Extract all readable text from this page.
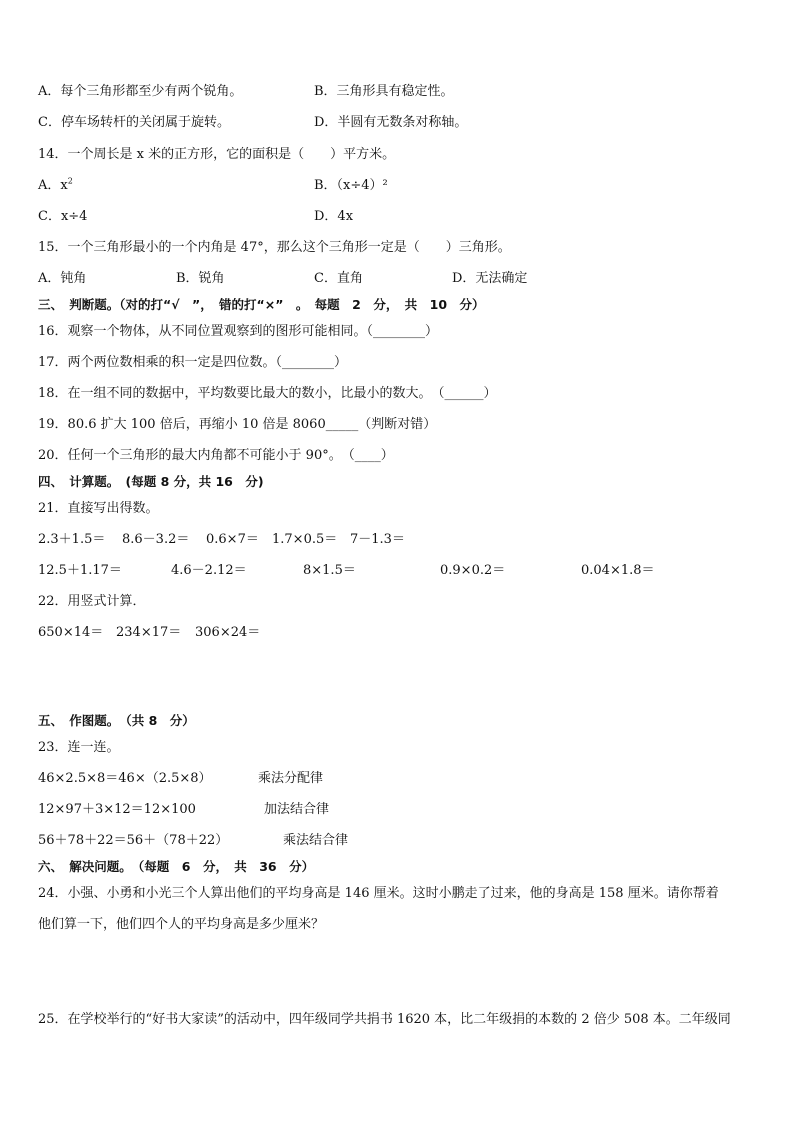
A．每个三角形都至少有两个锐角。	B．三角形具有稳定性。
C．停车场转杆的关闭属于旋转。	D．半圆有无数条对称轴。
14．一个周长是 x 米的正方形，它的面积是（　　）平方米。
A．$x^2$	B．（x÷4）²
C．x÷4	D．4x
15．一个三角形最小的一个内角是 47°，那么这个三角形一定是（　　）三角形。
A．钝角	B．锐角	C．直角	D．无法确定
三、　判断题。（对的打“√　”，　错的打“×”　。　每题　2　分，　共　10　分）
16．观察一个物体，从不同位置观察到的图形可能相同。（________）
17．两个两位数相乘的积一定是四位数。（________）
18．在一组不同的数据中，平均数要比最大的数小，比最小的数大。　（______）
19．80.6 扩大 100 倍后，再缩小 10 倍是 8060_____（判断对错）
20．任何一个三角形的最大内角都不可能小于 90°。　（____）
四、　计算题。　(每题 8 分，共 16　分)
21．直接写出得数。
2.3＋1.5＝ 8.6－3.2＝ 0.6×7＝ 1.7×0.5＝ 7－1.3＝
12.5＋1.17＝	4.6－2.12＝	8×1.5＝	0.9×0.2＝	0.04×1.8＝
22．用竖式计算．
650×14＝ 234×17＝ 306×24＝
五、　作图题。　（共 8　分）
23．连一连。
46×2.5×8＝46×（2.5×8）	乘法分配律
12×97＋3×12＝12×100	加法结合律
56＋78＋22＝56＋（78＋22）	乘法结合律
六、　解决问题。　（每题　6　分，　共　36　分）
24．小强、小勇和小光三个人算出他们的平均身高是 146 厘米。这时小鹏走了过来，他的身高是 158 厘米。请你帮着
他们算一下，他们四个人的平均身高是多少厘米？
25．在学校举行的“好书大家读”的活动中，四年级同学共捐书 1620 本，比二年级捐的本数的 2 倍少 508 本。二年级同
